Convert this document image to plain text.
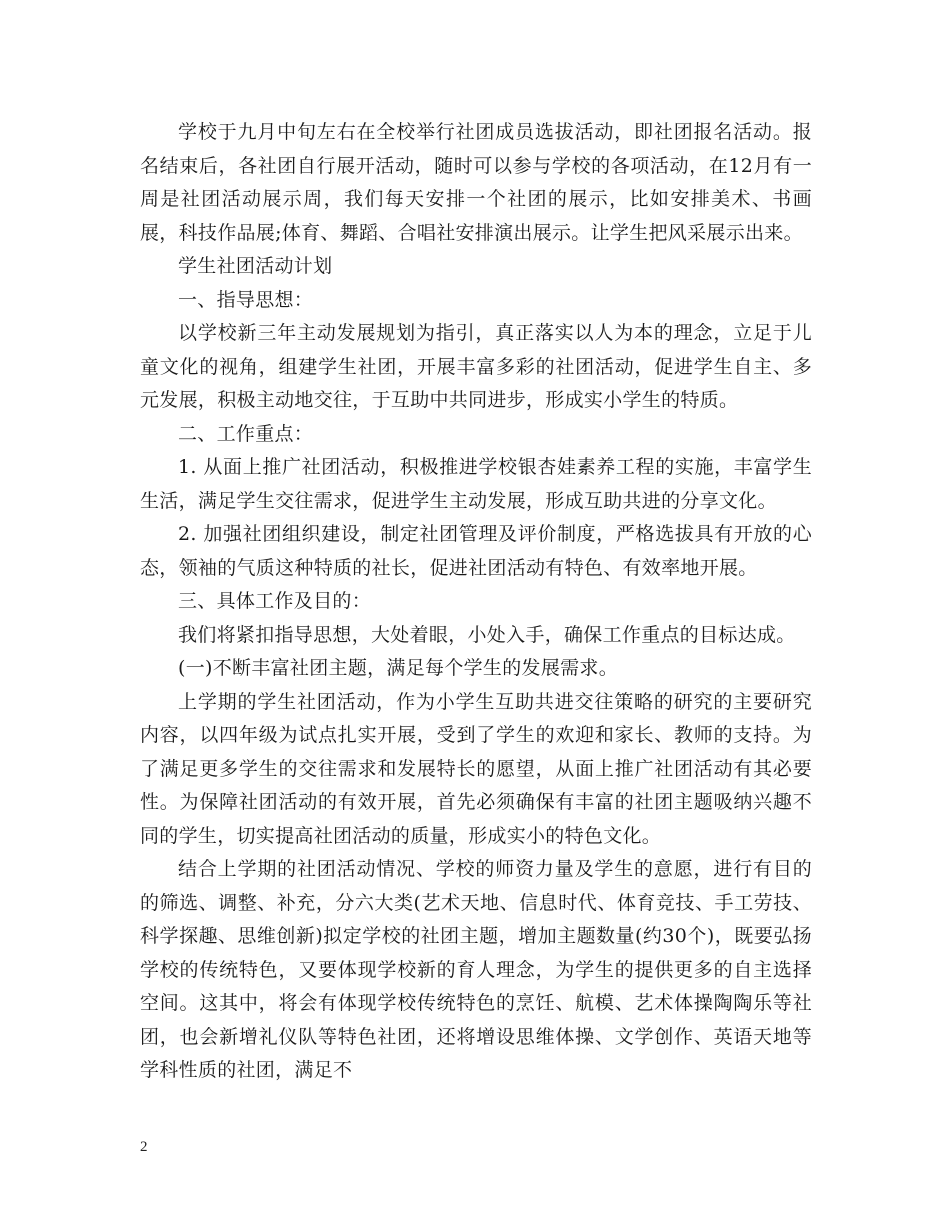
学校于九月中旬左右在全校举行社团成员选拔活动，即社团报名活动。报名结束后，各社团自行展开活动，随时可以参与学校的各项活动，在12月有一周是社团活动展示周，我们每天安排一个社团的展示，比如安排美术、书画展，科技作品展;体育、舞蹈、合唱社安排演出展示。让学生把风采展示出来。

学生社团活动计划

一、指导思想：

以学校新三年主动发展规划为指引，真正落实以人为本的理念，立足于儿童文化的视角，组建学生社团，开展丰富多彩的社团活动，促进学生自主、多元发展，积极主动地交往，于互助中共同进步，形成实小学生的特质。

二、工作重点：

1. 从面上推广社团活动，积极推进学校银杏娃素养工程的实施，丰富学生生活，满足学生交往需求，促进学生主动发展，形成互助共进的分享文化。

2. 加强社团组织建设，制定社团管理及评价制度，严格选拔具有开放的心态，领袖的气质这种特质的社长，促进社团活动有特色、有效率地开展。

三、具体工作及目的：

我们将紧扣指导思想，大处着眼，小处入手，确保工作重点的目标达成。

(一)不断丰富社团主题，满足每个学生的发展需求。

上学期的学生社团活动，作为小学生互助共进交往策略的研究的主要研究内容，以四年级为试点扎实开展，受到了学生的欢迎和家长、教师的支持。为了满足更多学生的交往需求和发展特长的愿望，从面上推广社团活动有其必要性。为保障社团活动的有效开展，首先必须确保有丰富的社团主题吸纳兴趣不同的学生，切实提高社团活动的质量，形成实小的特色文化。

结合上学期的社团活动情况、学校的师资力量及学生的意愿，进行有目的的筛选、调整、补充，分六大类(艺术天地、信息时代、体育竞技、手工劳技、科学探趣、思维创新)拟定学校的社团主题，增加主题数量(约30个)，既要弘扬学校的传统特色，又要体现学校新的育人理念，为学生的提供更多的自主选择空间。这其中，将会有体现学校传统特色的烹饪、航模、艺术体操陶陶乐等社团，也会新增礼仪队等特色社团，还将增设思维体操、文学创作、英语天地等学科性质的社团，满足不

2
